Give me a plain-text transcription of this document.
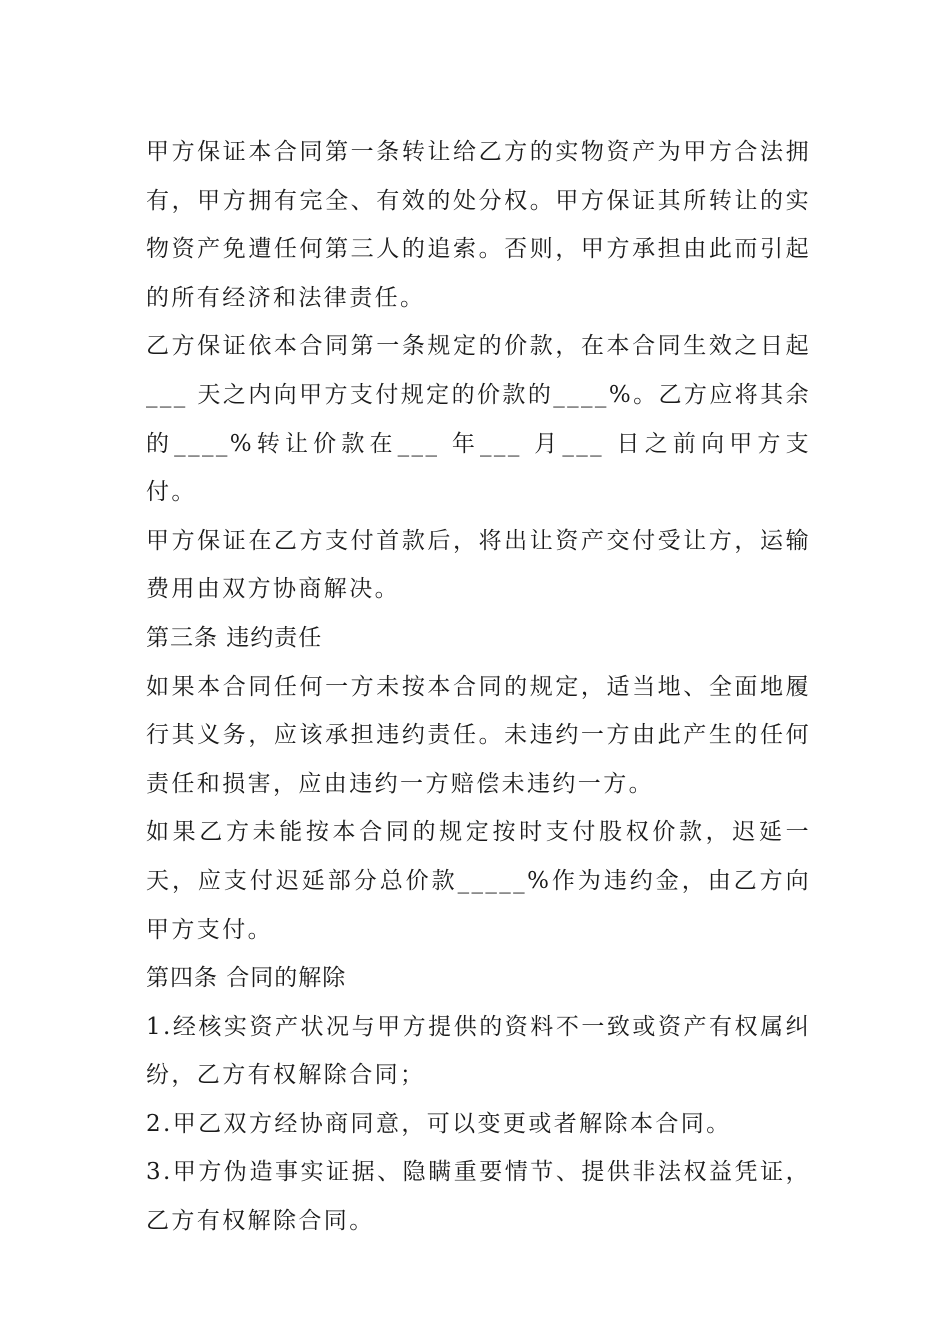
甲方保证本合同第一条转让给乙方的实物资产为甲方合法拥有，甲方拥有完全、有效的处分权。甲方保证其所转让的实物资产免遭任何第三人的追索。否则，甲方承担由此而引起的所有经济和法律责任。

乙方保证依本合同第一条规定的价款，在本合同生效之日起___ 天之内向甲方支付规定的价款的____%。乙方应将其余的____%转让价款在___ 年___ 月___ 日之前向甲方支付。

甲方保证在乙方支付首款后，将出让资产交付受让方，运输费用由双方协商解决。

第三条 违约责任

如果本合同任何一方未按本合同的规定，适当地、全面地履行其义务，应该承担违约责任。未违约一方由此产生的任何责任和损害，应由违约一方赔偿未违约一方。

如果乙方未能按本合同的规定按时支付股权价款，迟延一天，应支付迟延部分总价款_____%作为违约金，由乙方向甲方支付。

第四条 合同的解除

1.经核实资产状况与甲方提供的资料不一致或资产有权属纠纷，乙方有权解除合同；

2.甲乙双方经协商同意，可以变更或者解除本合同。

3.甲方伪造事实证据、隐瞒重要情节、提供非法权益凭证，乙方有权解除合同。
